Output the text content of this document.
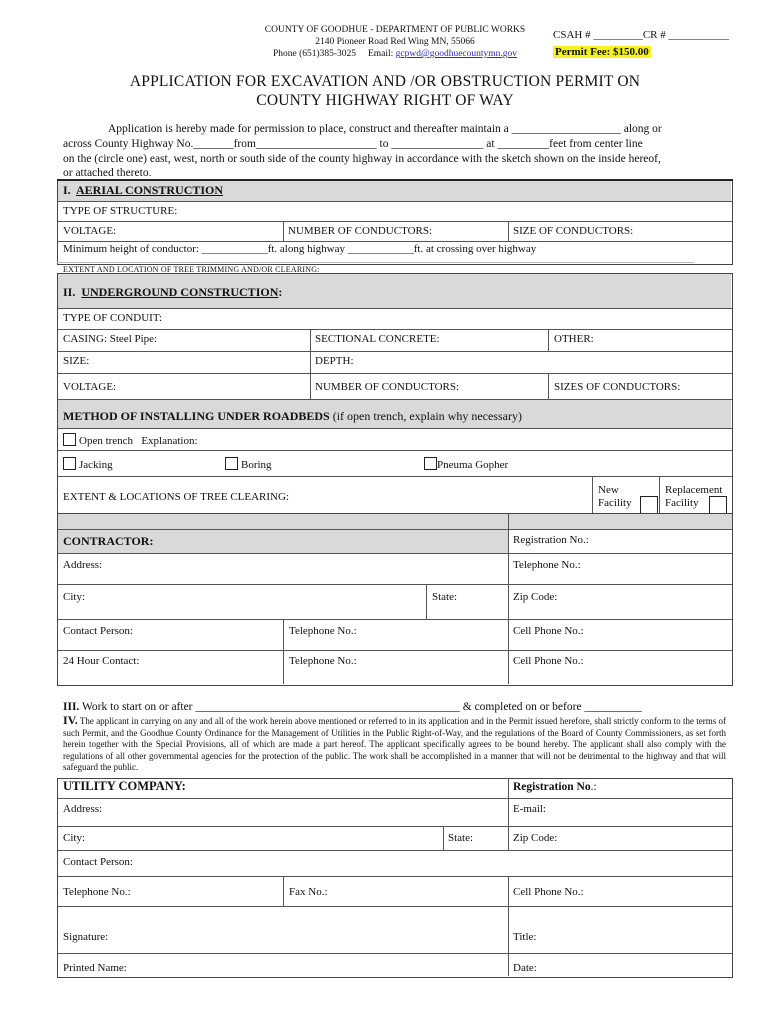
COUNTY OF GOODHUE - DEPARTMENT OF PUBLIC WORKS
2140 Pioneer Road Red Wing MN, 55066
Phone (651)385-3025 Email: gcpwd@goodhuecountymn.gov
CSAH # _________CR # ___________
Permit Fee: $150.00
APPLICATION FOR EXCAVATION AND /OR OBSTRUCTION PERMIT ON
COUNTY HIGHWAY RIGHT OF WAY
Application is hereby made for permission to place, construct and thereafter maintain a ___________________ along or
across County Highway No._______from_____________________ to ________________ at _________feet from center line
on the (circle one) east, west, north or south side of the county highway in accordance with the sketch shown on the inside hereof,
or attached thereto.
I. AERIAL CONSTRUCTION
TYPE OF STRUCTURE:
VOLTAGE:	NUMBER OF CONDUCTORS:	SIZE OF CONDUCTORS:
Minimum height of conductor: ____________ft. along highway ____________ft. at crossing over highway
EXTENT AND LOCATION OF TREE TRIMMING AND/OR CLEARING:
II. UNDERGROUND CONSTRUCTION:
TYPE OF CONDUIT:
CASING: Steel Pipe:	SECTIONAL CONCRETE:	OTHER:
SIZE:	DEPTH:
VOLTAGE:	NUMBER OF CONDUCTORS:	SIZES OF CONDUCTORS:
METHOD OF INSTALLING UNDER ROADBEDS (if open trench, explain why necessary)
Open trench Explanation:
Jacking	Boring	Pneuma Gopher
EXTENT & LOCATIONS OF TREE CLEARING:
New
Facility
Replacement
Facility
CONTRACTOR:	Registration No.:
Address:	Telephone No.:
City:	State:	Zip Code:
Contact Person:	Telephone No.:	Cell Phone No.:
24 Hour Contact:	Telephone No.:	Cell Phone No.:
III. Work to start on or after ______________________________________________ & completed on or before __________
IV. The applicant in carrying on any and all of the work herein above mentioned or referred to in its application and in the Permit issued herefore, shall strictly conform to the terms of such Permit, and the Goodhue County Ordinance for the Management of Utilities in the Public Right-of-Way, and the regulations of the Board of County Commissioners, as set forth herein together with the Special Provisions, all of which are made a part hereof. The applicant specifically agrees to be bound hereby. The applicant shall also comply with the regulations of all other governmental agencies for the protection of the public. The work shall be accomplished in a manner that will not be detrimental to the highway and that will safeguard the public.
UTILITY COMPANY:	Registration No.:
Address:	E-mail:
City:	State:	Zip Code:
Contact Person:
Telephone No.:	Fax No.:	Cell Phone No.:
Signature:	Title:
Printed Name:	Date:
